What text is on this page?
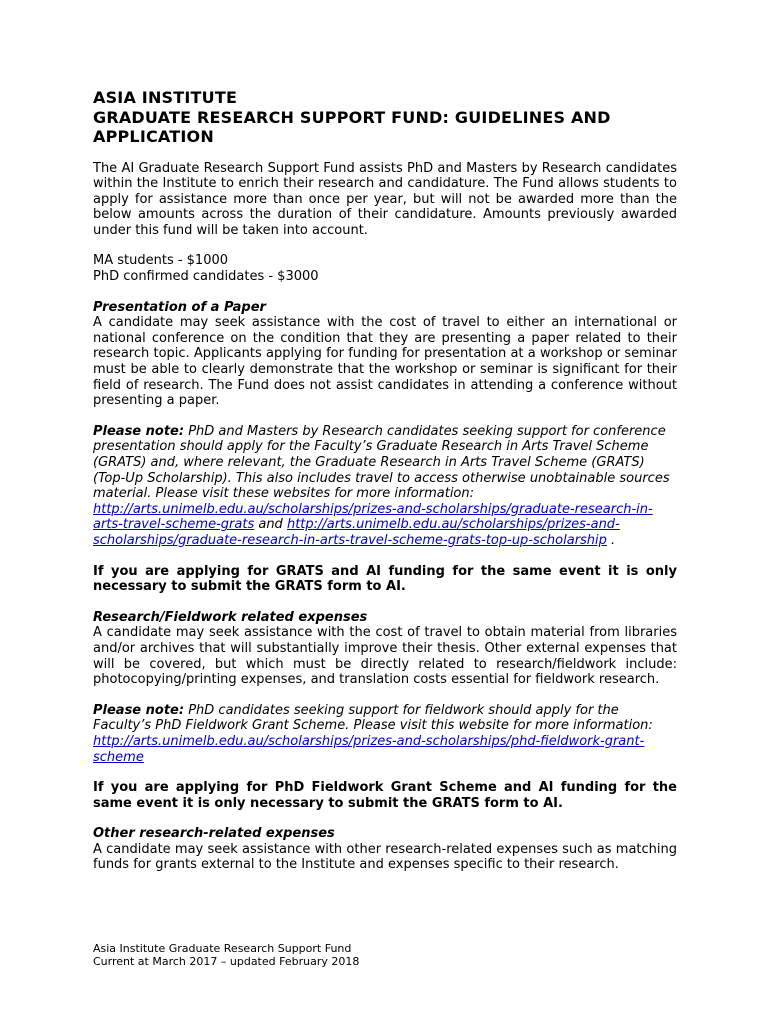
ASIA INSTITUTE
GRADUATE RESEARCH SUPPORT FUND: GUIDELINES AND
APPLICATION

The AI Graduate Research Support Fund assists PhD and Masters by Research candidates within the Institute to enrich their research and candidature. The Fund allows students to apply for assistance more than once per year, but will not be awarded more than the below amounts across the duration of their candidature. Amounts previously awarded under this fund will be taken into account.

MA students - $1000
PhD confirmed candidates - $3000
Presentation of a Paper

A candidate may seek assistance with the cost of travel to either an international or national conference on the condition that they are presenting a paper related to their research topic. Applicants applying for funding for presentation at a workshop or seminar must be able to clearly demonstrate that the workshop or seminar is significant for their field of research. The Fund does not assist candidates in attending a conference without presenting a paper.

Please note: PhD and Masters by Research candidates seeking support for conference presentation should apply for the Faculty’s Graduate Research in Arts Travel Scheme (GRATS) and, where relevant, the Graduate Research in Arts Travel Scheme (GRATS) (Top-Up Scholarship). This also includes travel to access otherwise unobtainable sources material. Please visit these websites for more information: http://arts.unimelb.edu.au/scholarships/prizes-and-scholarships/graduate-research-in-arts-travel-scheme-grats and http://arts.unimelb.edu.au/scholarships/prizes-and-scholarships/graduate-research-in-arts-travel-scheme-grats-top-up-scholarship .

If you are applying for GRATS and AI funding for the same event it is only necessary to submit the GRATS form to AI.

Research/Fieldwork related expenses

A candidate may seek assistance with the cost of travel to obtain material from libraries and/or archives that will substantially improve their thesis. Other external expenses that will be covered, but which must be directly related to research/fieldwork include: photocopying/printing expenses, and translation costs essential for fieldwork research.

Please note: PhD candidates seeking support for fieldwork should apply for the Faculty’s PhD Fieldwork Grant Scheme. Please visit this website for more information: http://arts.unimelb.edu.au/scholarships/prizes-and-scholarships/phd-fieldwork-grant-scheme

If you are applying for PhD Fieldwork Grant Scheme and AI funding for the same event it is only necessary to submit the GRATS form to AI.

Other research-related expenses

A candidate may seek assistance with other research-related expenses such as matching funds for grants external to the Institute and expenses specific to their research.

Asia Institute Graduate Research Support Fund
Current at March 2017 – updated February 2018
